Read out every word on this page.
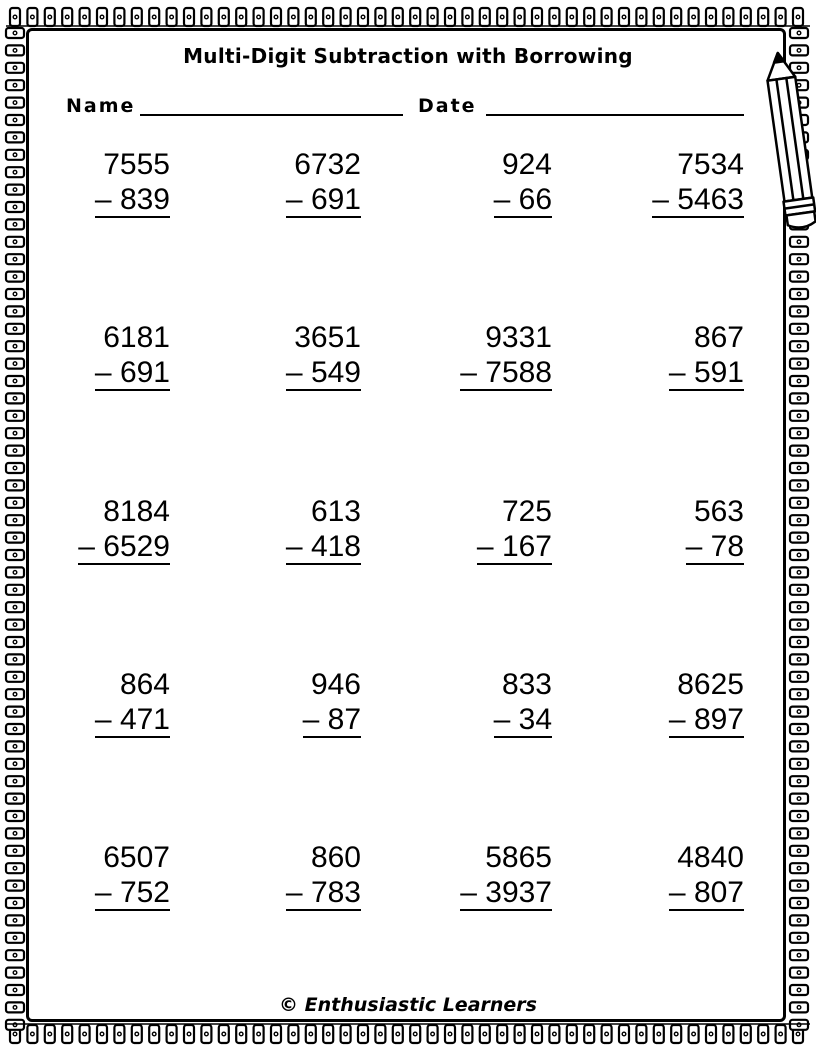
Multi-Digit Subtraction with Borrowing
Name	Date
7555
– 839
6732
– 691
924
– 66
7534
– 5463
6181
– 691
3651
– 549
9331
– 7588
867
– 591
8184
– 6529
613
– 418
725
– 167
563
– 78
864
– 471
946
– 87
833
– 34
8625
– 897
6507
– 752
860
– 783
5865
– 3937
4840
– 807
© Enthusiastic Learners
